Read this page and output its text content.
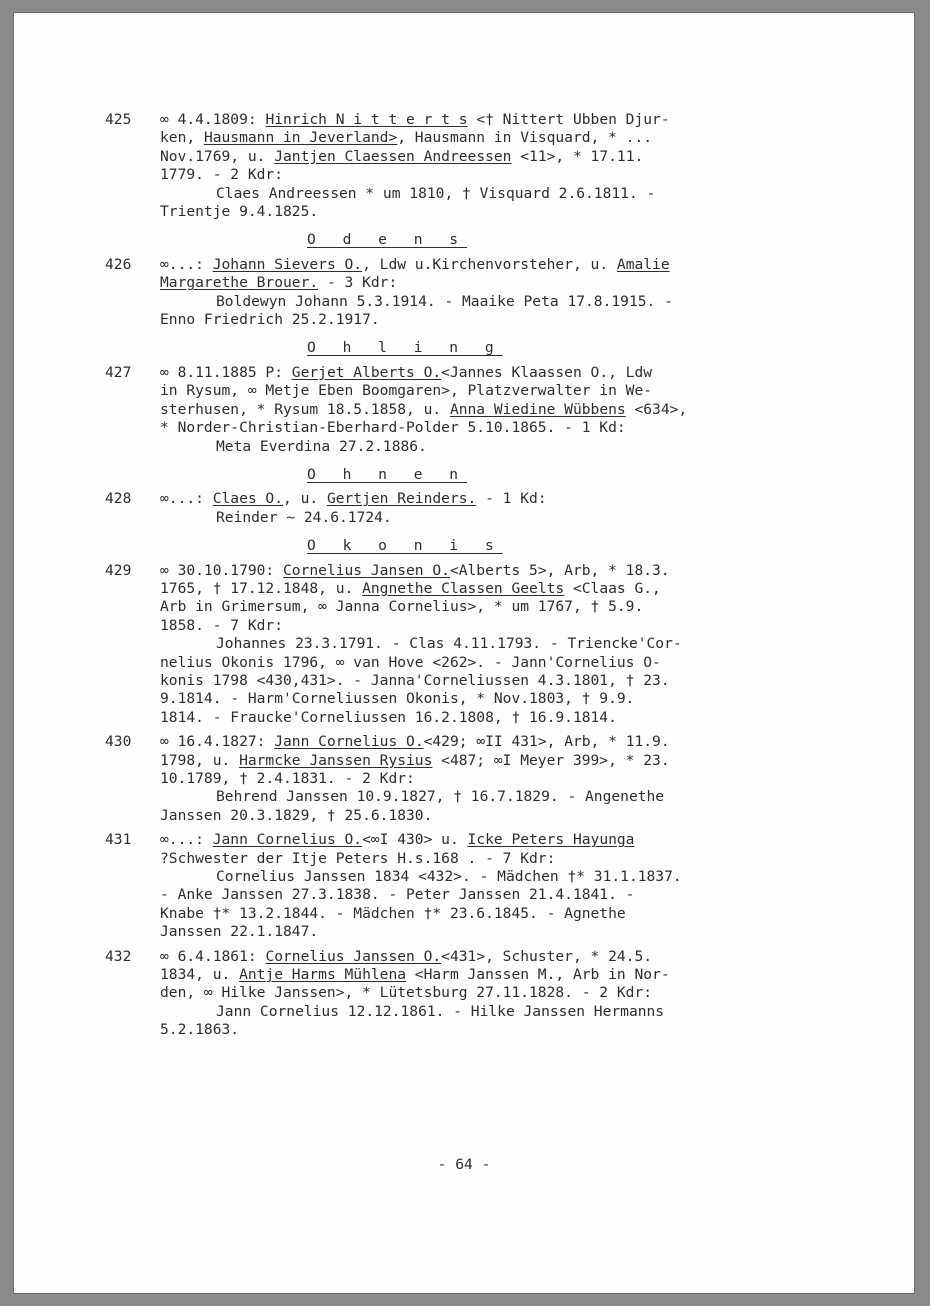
425	∞ 4.4.1809: Hinrich N i t t e r t s <† Nittert Ubben Djur-
ken, Hausmann in Jeverland>, Hausmann in Visquard, * ...
Nov.1769, u. Jantjen Claessen Andreessen <11>, * 17.11.
1779. - 2 Kdr:
Claes Andreessen * um 1810, † Visquard 2.6.1811. -
Trientje 9.4.1825.
O d e n s
426	∞...: Johann Sievers O., Ldw u.Kirchenvorsteher, u. Amalie
Margarethe Brouer. - 3 Kdr:
Boldewyn Johann 5.3.1914. - Maaike Peta 17.8.1915. -
Enno Friedrich 25.2.1917.
O h l i n g
427	∞ 8.11.1885 P: Gerjet Alberts O.<Jannes Klaassen O., Ldw
in Rysum, ∞ Metje Eben Boomgaren>, Platzverwalter in We-
sterhusen, * Rysum 18.5.1858, u. Anna Wiedine Wübbens <634>,
* Norder-Christian-Eberhard-Polder 5.10.1865. - 1 Kd:
Meta Everdina 27.2.1886.
O h n e n
428	∞...: Claes O., u. Gertjen Reinders. - 1 Kd:
Reinder ~ 24.6.1724.
O k o n i s
429	∞ 30.10.1790: Cornelius Jansen O.<Alberts 5>, Arb, * 18.3.
1765, † 17.12.1848, u. Angnethe Classen Geelts <Claas G.,
Arb in Grimersum, ∞ Janna Cornelius>, * um 1767, † 5.9.
1858. - 7 Kdr:
Johannes 23.3.1791. - Clas 4.11.1793. - Triencke'Cor-
nelius Okonis 1796, ∞ van Hove <262>. - Jann'Cornelius O-
konis 1798 <430,431>. - Janna'Corneliussen 4.3.1801, † 23.
9.1814. - Harm'Corneliussen Okonis, * Nov.1803, † 9.9.
1814. - Fraucke'Corneliussen 16.2.1808, † 16.9.1814.
430	∞ 16.4.1827: Jann Cornelius O.<429; ∞II 431>, Arb, * 11.9.
1798, u. Harmcke Janssen Rysius <487; ∞I Meyer 399>, * 23.
10.1789, † 2.4.1831. - 2 Kdr:
Behrend Janssen 10.9.1827, † 16.7.1829. - Angenethe
Janssen 20.3.1829, † 25.6.1830.
431	∞...: Jann Cornelius O.<∞I 430> u. Icke Peters Hayunga
?Schwester der Itje Peters H.s.168 . - 7 Kdr:
Cornelius Janssen 1834 <432>. - Mädchen †* 31.1.1837.
- Anke Janssen 27.3.1838. - Peter Janssen 21.4.1841. -
Knabe †* 13.2.1844. - Mädchen †* 23.6.1845. - Agnethe
Janssen 22.1.1847.
432	∞ 6.4.1861: Cornelius Janssen O.<431>, Schuster, * 24.5.
1834, u. Antje Harms Mühlena <Harm Janssen M., Arb in Nor-
den, ∞ Hilke Janssen>, * Lütetsburg 27.11.1828. - 2 Kdr:
Jann Cornelius 12.12.1861. - Hilke Janssen Hermanns
5.2.1863.
- 64 -
